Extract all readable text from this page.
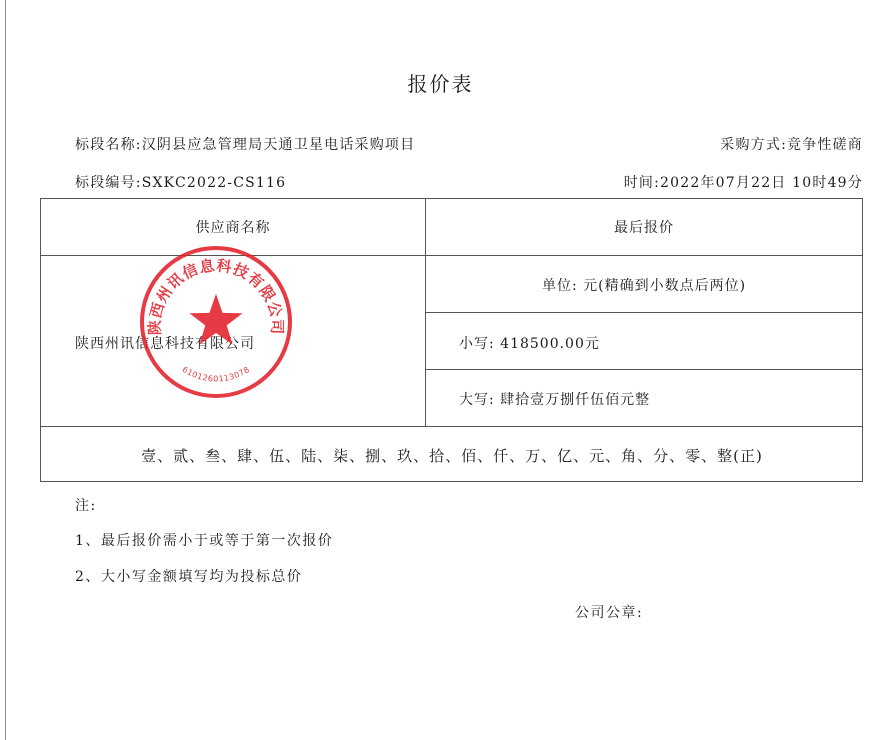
报价表
标段名称:汉阴县应急管理局天通卫星电话采购项目	采购方式:竞争性磋商
标段编号:SXKC2022-CS116	时间:2022年07月22日 10时49分
供应商名称	最后报价
单位: 元(精确到小数点后两位)
陕西州讯信息科技有限公司	小写: 418500.00元
大写: 肆拾壹万捌仟伍佰元整
壹、贰、叁、肆、伍、陆、柒、捌、玖、拾、佰、仟、万、亿、元、角、分、零、整(正)
陕西州讯信息科技有限公司
6101260113078
注:
1、最后报价需小于或等于第一次报价
2、大小写金额填写均为投标总价
公司公章:
